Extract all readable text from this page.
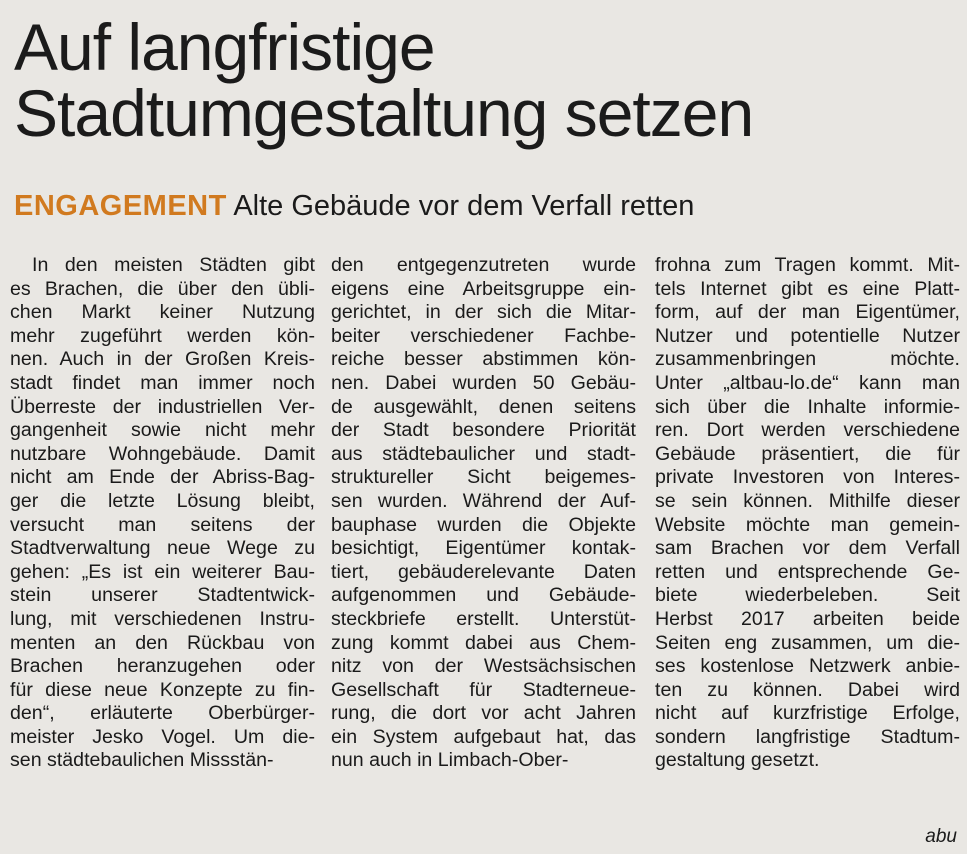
Auf langfristige
Stadtumgestaltung setzen
ENGAGEMENT Alte Gebäude vor dem Verfall retten
In den meisten Städten gibt
es Brachen, die über den übli-
chen Markt keiner Nutzung
mehr zugeführt werden kön-
nen. Auch in der Großen Kreis-
stadt findet man immer noch
Überreste der industriellen Ver-
gangenheit sowie nicht mehr
nutzbare Wohngebäude. Damit
nicht am Ende der Abriss-Bag-
ger die letzte Lösung bleibt,
versucht man seitens der
Stadtverwaltung neue Wege zu
gehen: „Es ist ein weiterer Bau-
stein unserer Stadtentwick-
lung, mit verschiedenen Instru-
menten an den Rückbau von
Brachen heranzugehen oder
für diese neue Konzepte zu fin-
den“, erläuterte Oberbürger-
meister Jesko Vogel. Um die-
sen städtebaulichen Missstän-
den entgegenzutreten wurde
eigens eine Arbeitsgruppe ein-
gerichtet, in der sich die Mitar-
beiter verschiedener Fachbe-
reiche besser abstimmen kön-
nen. Dabei wurden 50 Gebäu-
de ausgewählt, denen seitens
der Stadt besondere Priorität
aus städtebaulicher und stadt-
struktureller Sicht beigemes-
sen wurden. Während der Auf-
bauphase wurden die Objekte
besichtigt, Eigentümer kontak-
tiert, gebäuderelevante Daten
aufgenommen und Gebäude-
steckbriefe erstellt. Unterstüt-
zung kommt dabei aus Chem-
nitz von der Westsächsischen
Gesellschaft für Stadterneue-
rung, die dort vor acht Jahren
ein System aufgebaut hat, das
nun auch in Limbach-Ober-
frohna zum Tragen kommt. Mit-
tels Internet gibt es eine Platt-
form, auf der man Eigentümer,
Nutzer und potentielle Nutzer
zusammenbringen möchte.
Unter „altbau-lo.de“ kann man
sich über die Inhalte informie-
ren. Dort werden verschiedene
Gebäude präsentiert, die für
private Investoren von Interes-
se sein können. Mithilfe dieser
Website möchte man gemein-
sam Brachen vor dem Verfall
retten und entsprechende Ge-
biete wiederbeleben. Seit
Herbst 2017 arbeiten beide
Seiten eng zusammen, um die-
ses kostenlose Netzwerk anbie-
ten zu können. Dabei wird
nicht auf kurzfristige Erfolge,
sondern langfristige Stadtum-
gestaltung gesetzt.
abu
